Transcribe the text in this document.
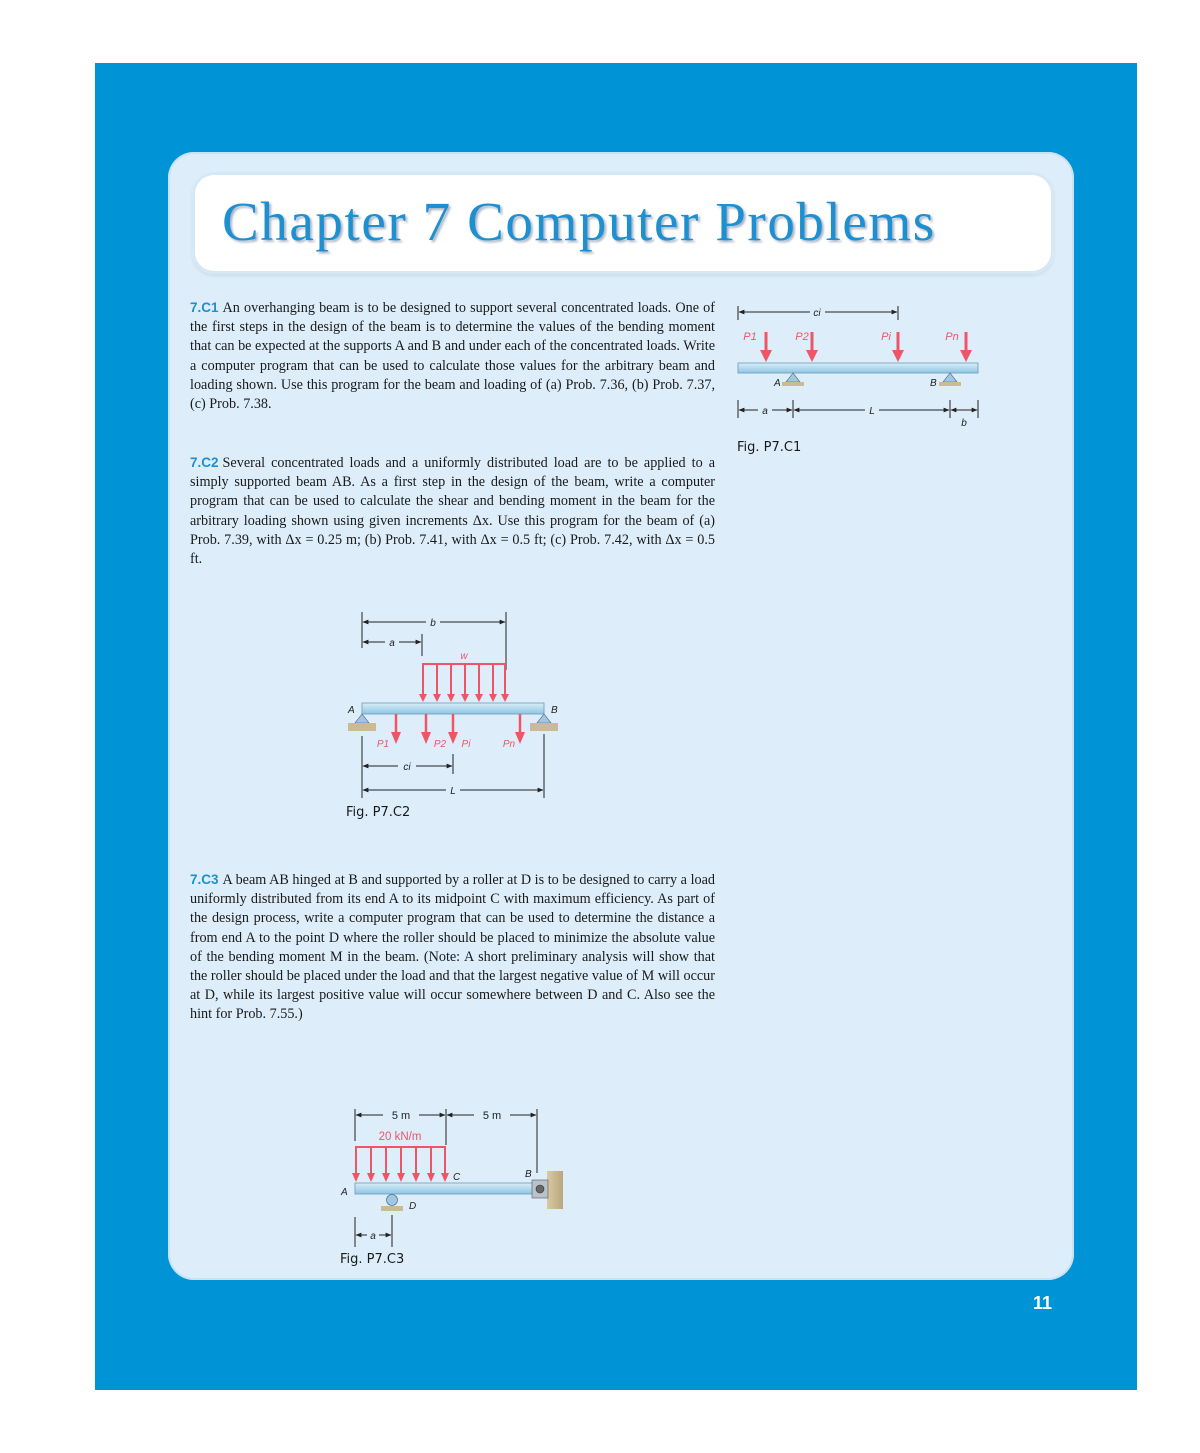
Chapter 7 Computer Problems

7.C1 An overhanging beam is to be designed to support several concentrated loads. One of the first steps in the design of the beam is to determine the values of the bending moment that can be expected at the supports A and B and under each of the concentrated loads. Write a computer program that can be used to calculate those values for the arbitrary beam and loading shown. Use this program for the beam and loading of (a) Prob. 7.36, (b) Prob. 7.37, (c) Prob. 7.38.

7.C2 Several concentrated loads and a uniformly distributed load are to be applied to a simply supported beam AB. As a first step in the design of the beam, write a computer program that can be used to calculate the shear and bending moment in the beam for the arbitrary loading shown using given increments Δx. Use this program for the beam of (a) Prob. 7.39, with Δx = 0.25 m; (b) Prob. 7.41, with Δx = 0.5 ft; (c) Prob. 7.42, with Δx = 0.5 ft.

7.C3 A beam AB hinged at B and supported by a roller at D is to be designed to carry a load uniformly distributed from its end A to its midpoint C with maximum efficiency. As part of the design process, write a computer program that can be used to determine the distance a from end A to the point D where the roller should be placed to minimize the absolute value of the bending moment M in the beam. (Note: A short preliminary analysis will show that the roller should be placed under the load and that the largest negative value of M will occur at D, while its largest positive value will occur somewhere between D and C. Also see the hint for Prob. 7.55.)

ci
P1	P2	Pi	Pn
A	B
a	L
b
Fig. P7.C1
b
a
w
A	B
P1	P2 Pi	Pn
ci
L
Fig. P7.C2
5 m	5 m
20 kN/m
C	B
A
D
a
Fig. P7.C3
11
